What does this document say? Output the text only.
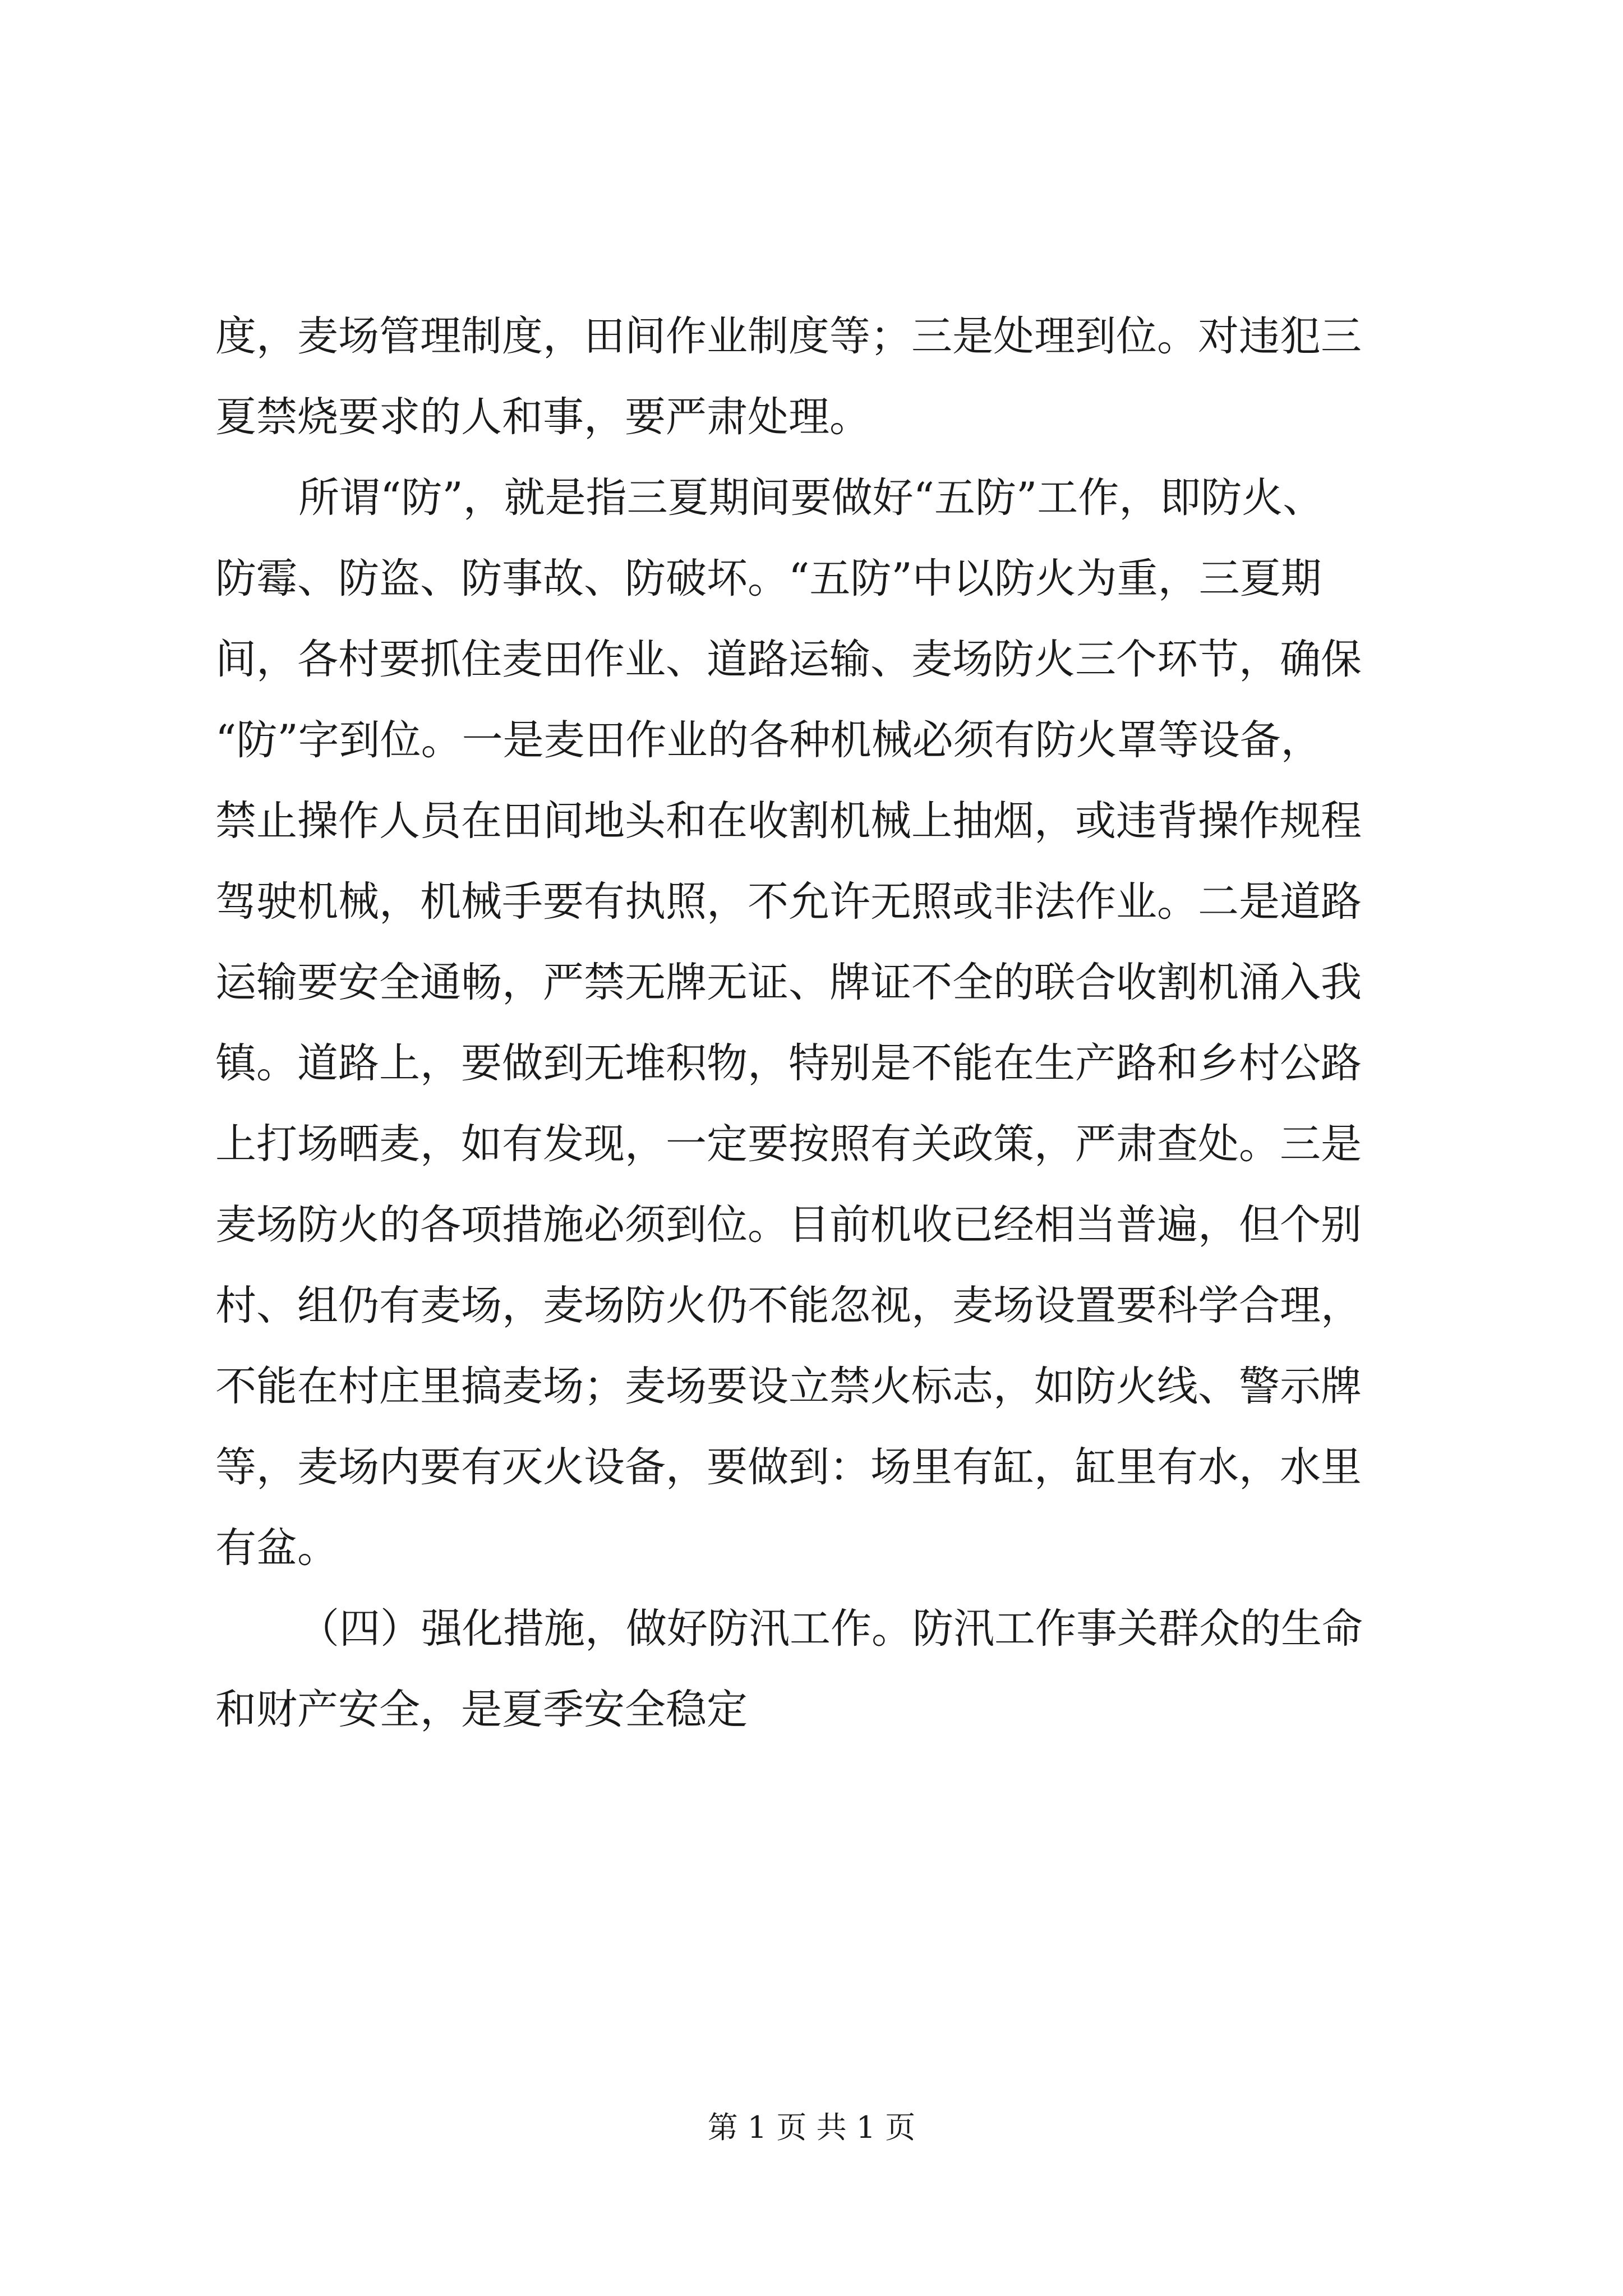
度，麦场管理制度，田间作业制度等；三是处理到位。对违犯三
夏禁烧要求的人和事，要严肃处理。

所谓“防”，就是指三夏期间要做好“五防”工作，即防火、
防霉、防盗、防事故、防破坏。“五防”中以防火为重，三夏期
间，各村要抓住麦田作业、道路运输、麦场防火三个环节，确保
“防”字到位。一是麦田作业的各种机械必须有防火罩等设备，
禁止操作人员在田间地头和在收割机械上抽烟，或违背操作规程
驾驶机械，机械手要有执照，不允许无照或非法作业。二是道路
运输要安全通畅，严禁无牌无证、牌证不全的联合收割机涌入我
镇。道路上，要做到无堆积物，特别是不能在生产路和乡村公路
上打场晒麦，如有发现，一定要按照有关政策，严肃查处。三是
麦场防火的各项措施必须到位。目前机收已经相当普遍，但个别
村、组仍有麦场，麦场防火仍不能忽视，麦场设置要科学合理，
不能在村庄里搞麦场；麦场要设立禁火标志，如防火线、警示牌
等，麦场内要有灭火设备，要做到：场里有缸，缸里有水，水里
有盆。

（四）强化措施，做好防汛工作。防汛工作事关群众的生命
和财产安全，是夏季安全稳定

第 1 页 共 1 页
